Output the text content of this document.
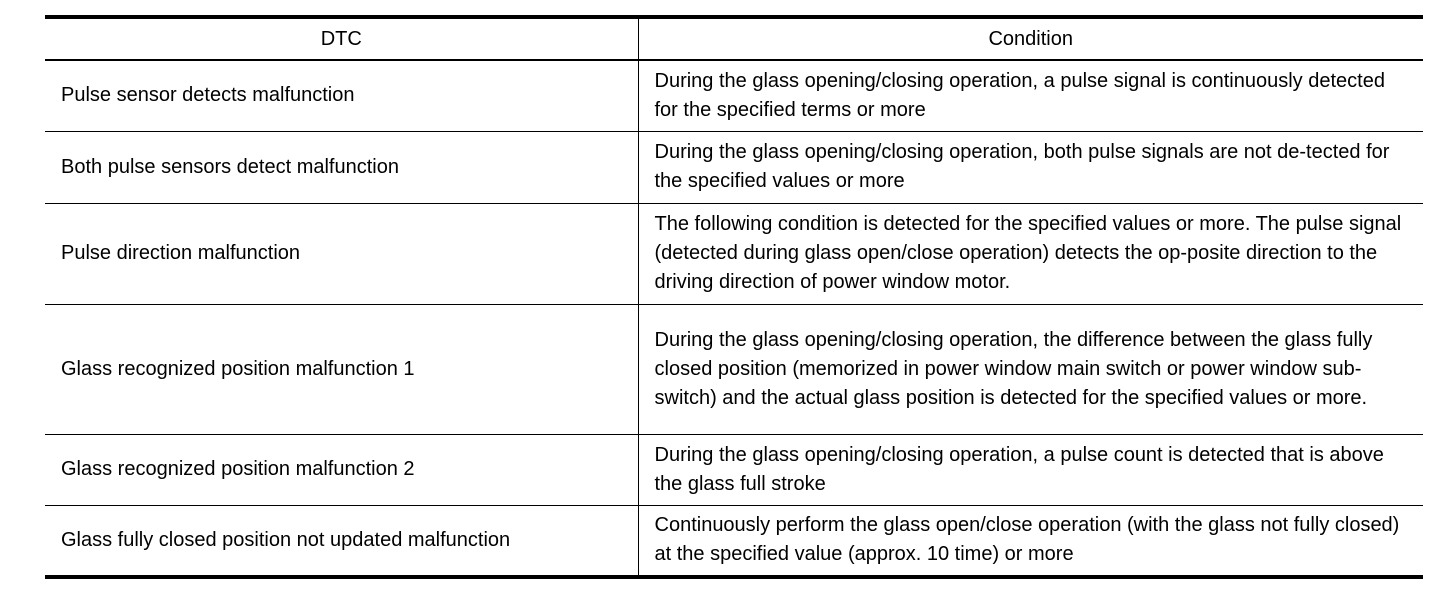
DTC	Condition
Pulse sensor detects malfunction	During the glass opening/closing operation, a pulse signal is continuously detected for the specified terms or more
Both pulse sensors detect malfunction	During the glass opening/closing operation, both pulse signals are not de-tected for the specified values or more
Pulse direction malfunction	The following condition is detected for the specified values or more. The pulse signal (detected during glass open/close operation) detects the op-posite direction to the driving direction of power window motor.
Glass recognized position malfunction 1	During the glass opening/closing operation, the difference between the glass fully closed position (memorized in power window main switch or power window sub-switch) and the actual glass position is detected for the specified values or more.
Glass recognized position malfunction 2	During the glass opening/closing operation, a pulse count is detected that is above the glass full stroke
Glass fully closed position not updated malfunction	Continuously perform the glass open/close operation (with the glass not fully closed) at the specified value (approx. 10 time) or more
